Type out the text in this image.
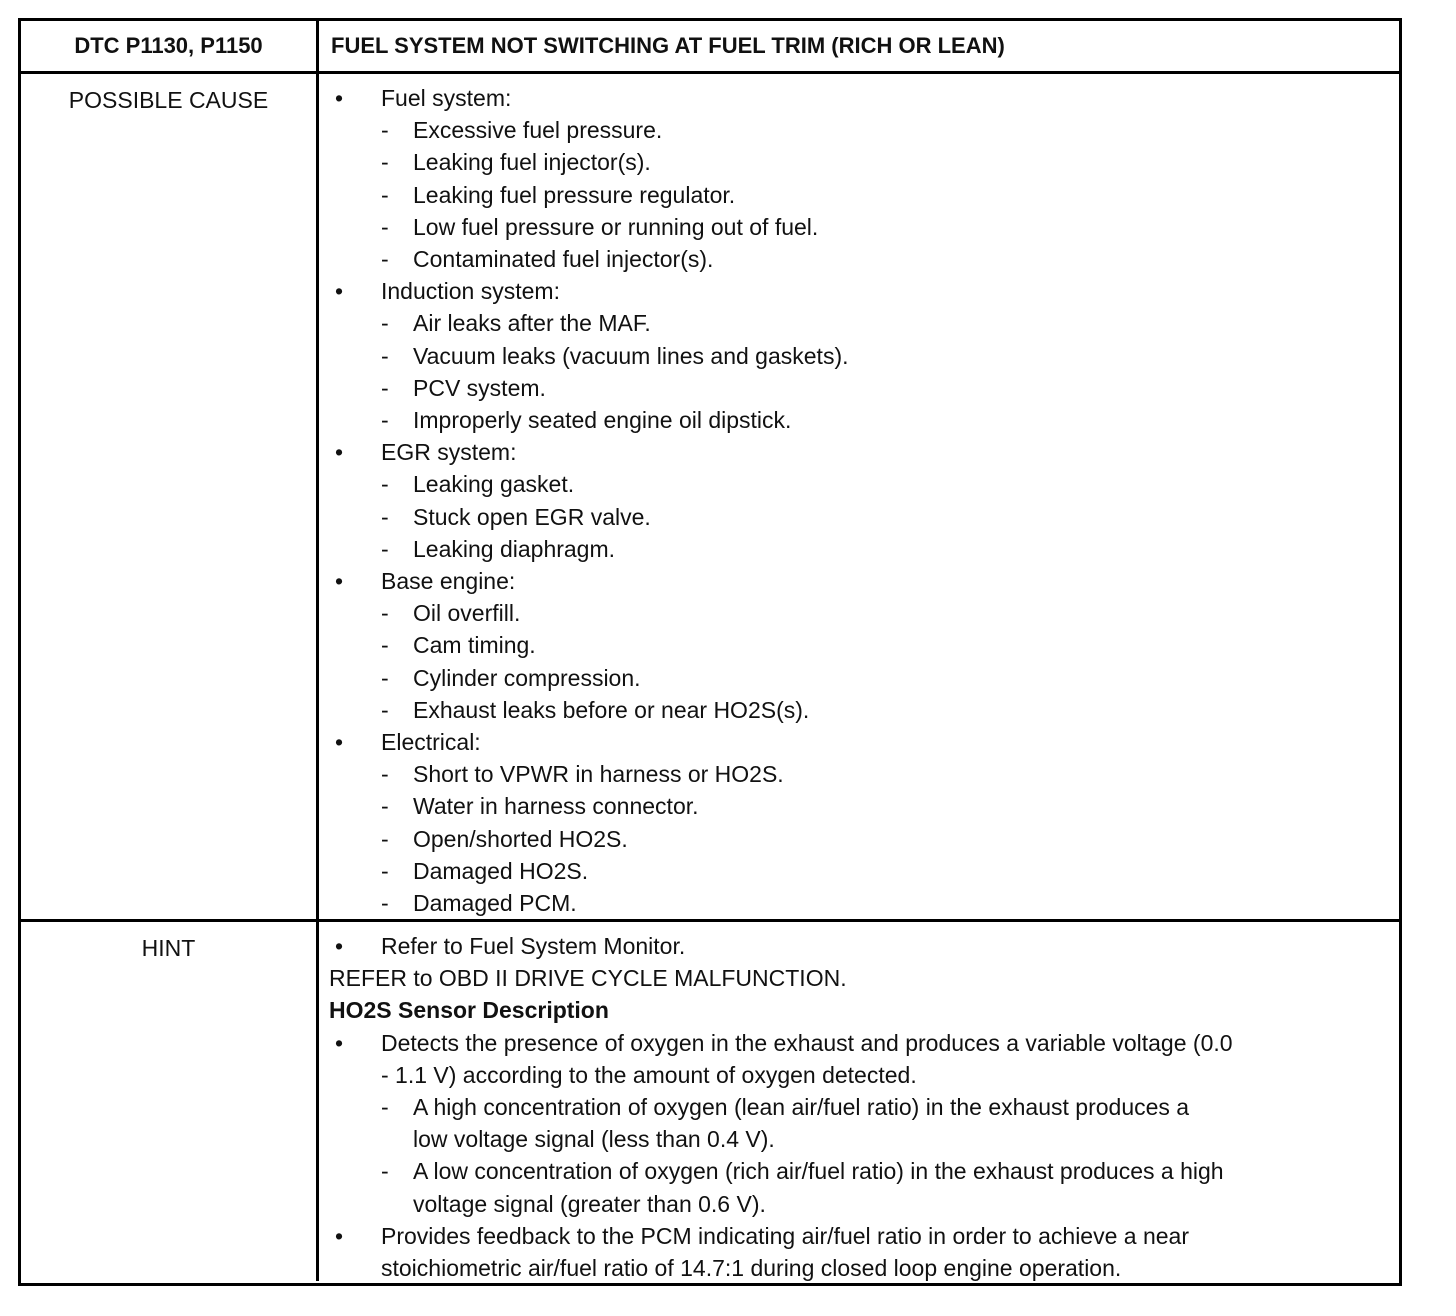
DTC P1130, P1150	FUEL SYSTEM NOT SWITCHING AT FUEL TRIM (RICH OR LEAN)
POSSIBLE CAUSE	• Fuel system:
- Excessive fuel pressure.
- Leaking fuel injector(s).
- Leaking fuel pressure regulator.
- Low fuel pressure or running out of fuel.
- Contaminated fuel injector(s).
• Induction system:
- Air leaks after the MAF.
- Vacuum leaks (vacuum lines and gaskets).
- PCV system.
- Improperly seated engine oil dipstick.
• EGR system:
- Leaking gasket.
- Stuck open EGR valve.
- Leaking diaphragm.
• Base engine:
- Oil overfill.
- Cam timing.
- Cylinder compression.
- Exhaust leaks before or near HO2S(s).
• Electrical:
- Short to VPWR in harness or HO2S.
- Water in harness connector.
- Open/shorted HO2S.
- Damaged HO2S.
- Damaged PCM.
HINT	• Refer to Fuel System Monitor.
REFER to OBD II DRIVE CYCLE MALFUNCTION.
HO2S Sensor Description
• Detects the presence of oxygen in the exhaust and produces a variable voltage (0.0
- 1.1 V) according to the amount of oxygen detected.
- A high concentration of oxygen (lean air/fuel ratio) in the exhaust produces a
low voltage signal (less than 0.4 V).
- A low concentration of oxygen (rich air/fuel ratio) in the exhaust produces a high
voltage signal (greater than 0.6 V).
• Provides feedback to the PCM indicating air/fuel ratio in order to achieve a near
stoichiometric air/fuel ratio of 14.7:1 during closed loop engine operation.
